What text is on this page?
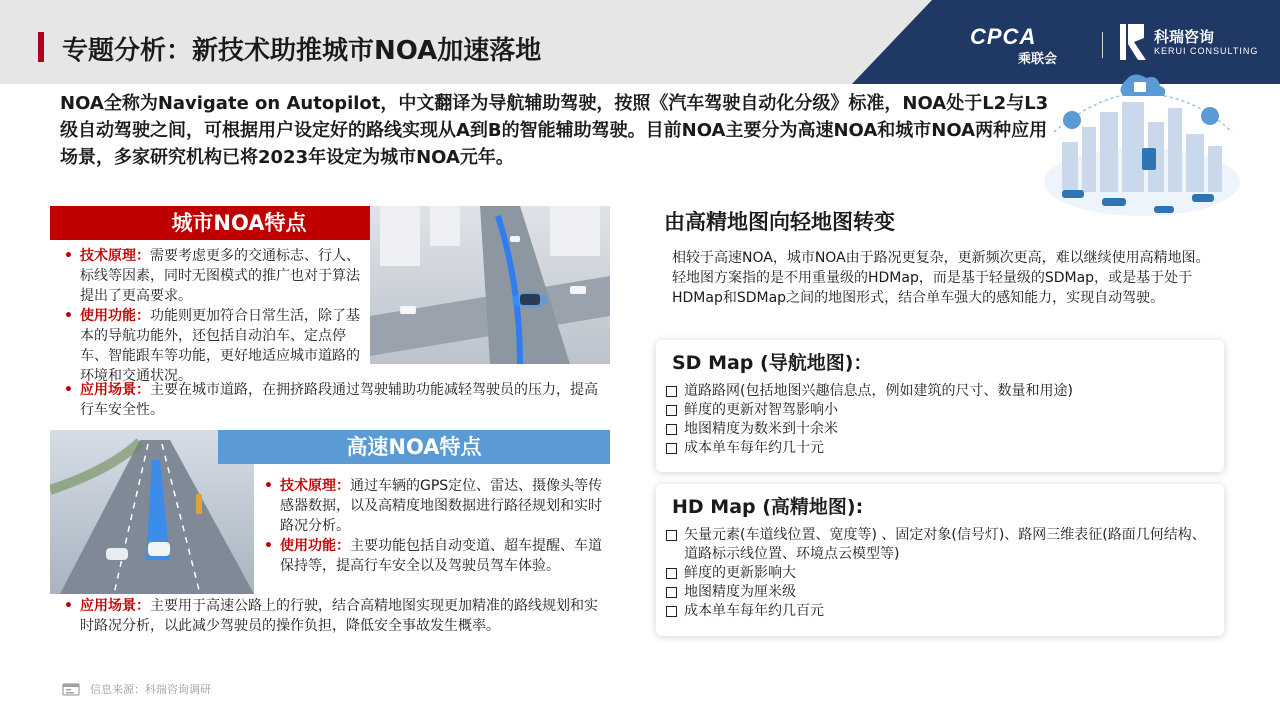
专题分析：新技术助推城市NOA加速落地	CPCA
乘联会
科瑞咨询
KERUI CONSULTING
NOA全称为Navigate on Autopilot，中文翻译为导航辅助驾驶，按照《汽车驾驶自动化分级》标准，NOA处于L2与L3级自动驾驶之间，可根据用户设定好的路线实现从A到B的智能辅助驾驶。目前NOA主要分为高速NOA和城市NOA两种应用场景，多家研究机构已将2023年设定为城市NOA元年。
城市NOA特点
• 技术原理：需要考虑更多的交通标志、行人、标线等因素，同时无图模式的推广也对于算法提出了更高要求。
• 使用功能：功能则更加符合日常生活，除了基本的导航功能外，还包括自动泊车、定点停车、智能跟车等功能，更好地适应城市道路的环境和交通状况。
• 应用场景：主要在城市道路，在拥挤路段通过驾驶辅助功能减轻驾驶员的压力，提高行车安全性。
高速NOA特点
• 技术原理：通过车辆的GPS定位、雷达、摄像头等传感器数据，以及高精度地图数据进行路径规划和实时路况分析。
• 使用功能：主要功能包括自动变道、超车提醒、车道保持等，提高行车安全以及驾驶员驾车体验。
• 应用场景：主要用于高速公路上的行驶，结合高精地图实现更加精准的路线规划和实时路况分析，以此减少驾驶员的操作负担，降低安全事故发生概率。
由高精地图向轻地图转变
相较于高速NOA，城市NOA由于路况更复杂，更新频次更高，难以继续使用高精地图。轻地图方案指的是不用重量级的HDMap，而是基于轻量级的SDMap，或是基于处于HDMap和SDMap之间的地图形式，结合单车强大的感知能力，实现自动驾驶。
SD Map (导航地图)：
道路路网(包括地图兴趣信息点，例如建筑的尺寸、数量和用途)
鲜度的更新对智驾影响小
地图精度为数米到十余米
成本单车每年约几十元
HD Map (高精地图):
矢量元素(车道线位置、宽度等) 、固定对象(信号灯)、路网三维表征(路面几何结构、道路标示线位置、环境点云模型等)
鲜度的更新影响大
地图精度为厘米级
成本单车每年约几百元
信息来源：科瑞咨询调研
